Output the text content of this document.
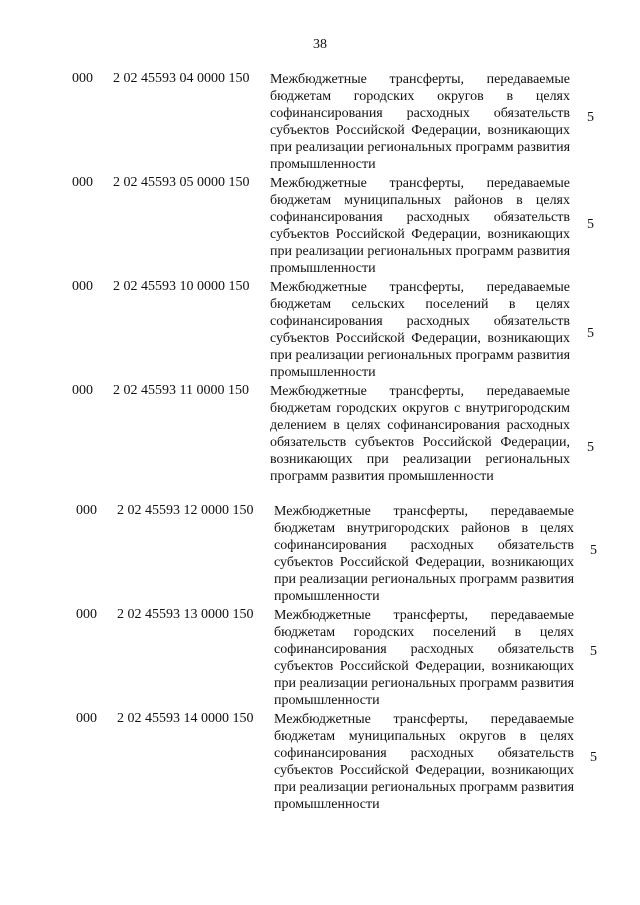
38
000 2 02 45593 04 0000 150 Межбюджетные трансферты, передаваемые бюджетам городских округов в целях софинансирования расходных обязательств субъектов Российской Федерации, возникающих при реализации региональных программ развития промышленности
5
000 2 02 45593 05 0000 150 Межбюджетные трансферты, передаваемые бюджетам муниципальных районов в целях софинансирования расходных обязательств субъектов Российской Федерации, возникающих при реализации региональных программ развития промышленности
5
000 2 02 45593 10 0000 150 Межбюджетные трансферты, передаваемые бюджетам сельских поселений в целях софинансирования расходных обязательств субъектов Российской Федерации, возникающих при реализации региональных программ развития промышленности
5
000 2 02 45593 11 0000 150 Межбюджетные трансферты, передаваемые бюджетам городских округов с внутригородским делением в целях софинансирования расходных обязательств субъектов Российской Федерации, возникающих при реализации региональных программ развития промышленности
5
000 2 02 45593 12 0000 150 Межбюджетные трансферты, передаваемые бюджетам внутригородских районов в целях софинансирования расходных обязательств субъектов Российской Федерации, возникающих при реализации региональных программ развития промышленности
5
000 2 02 45593 13 0000 150 Межбюджетные трансферты, передаваемые бюджетам городских поселений в целях софинансирования расходных обязательств субъектов Российской Федерации, возникающих при реализации региональных программ развития промышленности
5
000 2 02 45593 14 0000 150 Межбюджетные трансферты, передаваемые бюджетам муниципальных округов в целях софинансирования расходных обязательств субъектов Российской Федерации, возникающих при реализации региональных программ развития промышленности
5
